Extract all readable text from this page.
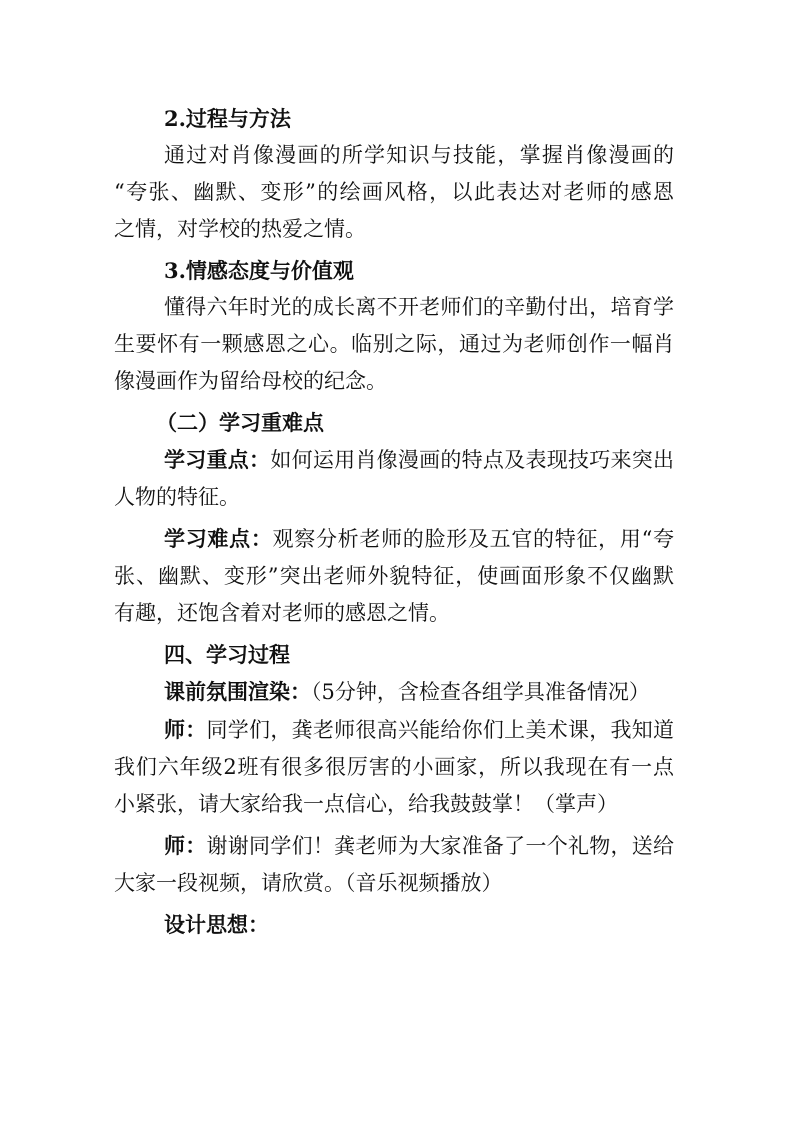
2.过程与方法
通过对肖像漫画的所学知识与技能，掌握肖像漫画的
“夸张、幽默、变形”的绘画风格，以此表达对老师的感恩
之情，对学校的热爱之情。
3.情感态度与价值观
懂得六年时光的成长离不开老师们的辛勤付出，培育学
生要怀有一颗感恩之心。临别之际，通过为老师创作一幅肖
像漫画作为留给母校的纪念。
（二）学习重难点
学习重点：如何运用肖像漫画的特点及表现技巧来突出
人物的特征。
学习难点：观察分析老师的脸形及五官的特征，用“夸
张、幽默、变形”突出老师外貌特征，使画面形象不仅幽默
有趣，还饱含着对老师的感恩之情。
四、学习过程
课前氛围渲染：（5分钟，含检查各组学具准备情况）
师：同学们，龚老师很高兴能给你们上美术课，我知道
我们六年级2班有很多很厉害的小画家，所以我现在有一点
小紧张，请大家给我一点信心，给我鼓鼓掌！（掌声）
师：谢谢同学们！龚老师为大家准备了一个礼物，送给
大家一段视频，请欣赏。（音乐视频播放）
设计思想：
